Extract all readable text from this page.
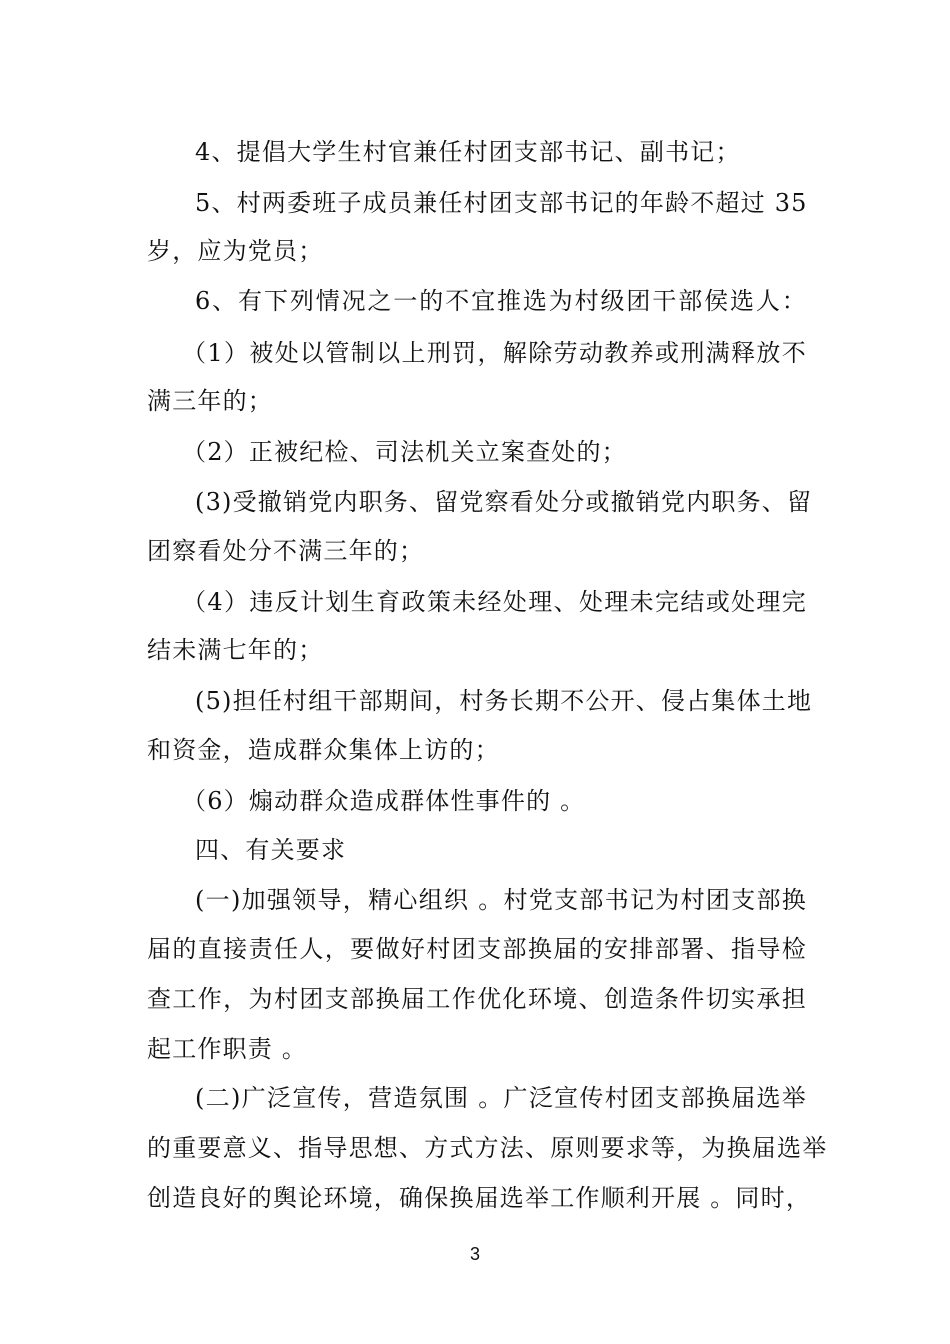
4、提倡大学生村官兼任村团支部书记、副书记；
5、村两委班子成员兼任村团支部书记的年龄不超过 35
岁，应为党员；
6、有下列情况之一的不宜推选为村级团干部侯选人：
（1）被处以管制以上刑罚，解除劳动教养或刑满释放不
满三年的；
（2）正被纪检、司法机关立案查处的；
(3)受撤销党内职务、留党察看处分或撤销党内职务、留
团察看处分不满三年的；
（4）违反计划生育政策未经处理、处理未完结或处理完
结未满七年的；
(5)担任村组干部期间，村务长期不公开、侵占集体土地
和资金，造成群众集体上访的；
（6）煽动群众造成群体性事件的 。
四、有关要求
(一)加强领导，精心组织 。村党支部书记为村团支部换
届的直接责任人，要做好村团支部换届的安排部署、指导检
查工作，为村团支部换届工作优化环境、创造条件切实承担
起工作职责 。
(二)广泛宣传，营造氛围 。广泛宣传村团支部换届选举
的重要意义、指导思想、方式方法、原则要求等，为换届选举
创造良好的舆论环境，确保换届选举工作顺利开展 。同时，
3
